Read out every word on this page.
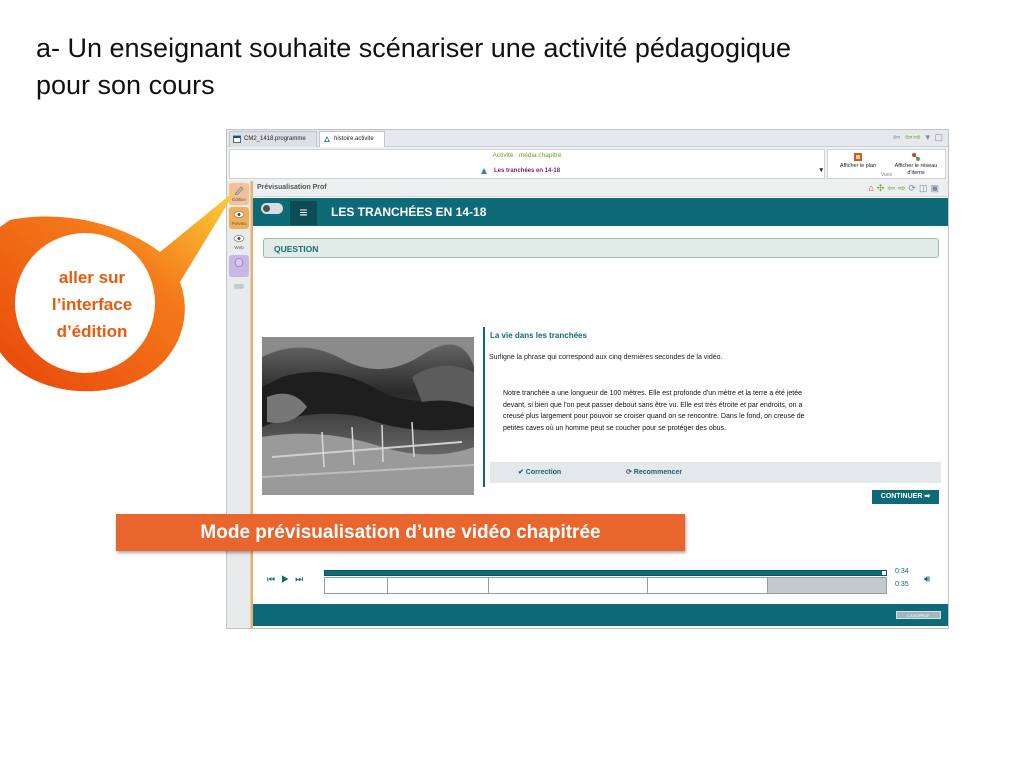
a- Un enseignant souhaite scénariser une activité pédagogique
pour son cours
CM2_1418.programme	histoire.activite	⇦ ⇦⇨ ▾ ▢
Activité : média chapitré
Les tranchées en 14-18	▾
Afficher le plan	Afficher le réseau d'items
Vues
Édition
Prévisu
Web
Prévisualisation Prof	⌂✣⇦⇨⟳◫▣
≡	LES TRANCHÉES EN 14-18
QUESTION
La vie dans les tranchées
Surligne la phrase qui correspond aux cinq dernières secondes de la vidéo.
Notre tranchée a une longueur de 100 mètres. Elle est profonde d'un mètre et la terre a été jetée
devant, si bien que l'on peut passer debout sans être vu. Elle est très étroite et par endroits, on a
creusé plus largement pour pouvoir se croiser quand on se rencontre. Dans le fond, on creuse de
petites caves où un homme peut se coucher pour se protéger des obus.
✔ Correction	⟳ Recommencer
CONTINUER ➡
⏮▶⏭
0:34
0:35 🔊︎
CANOPROF
aller sur
l’interface
d’édition
Mode prévisualisation d’une vidéo chapitrée
